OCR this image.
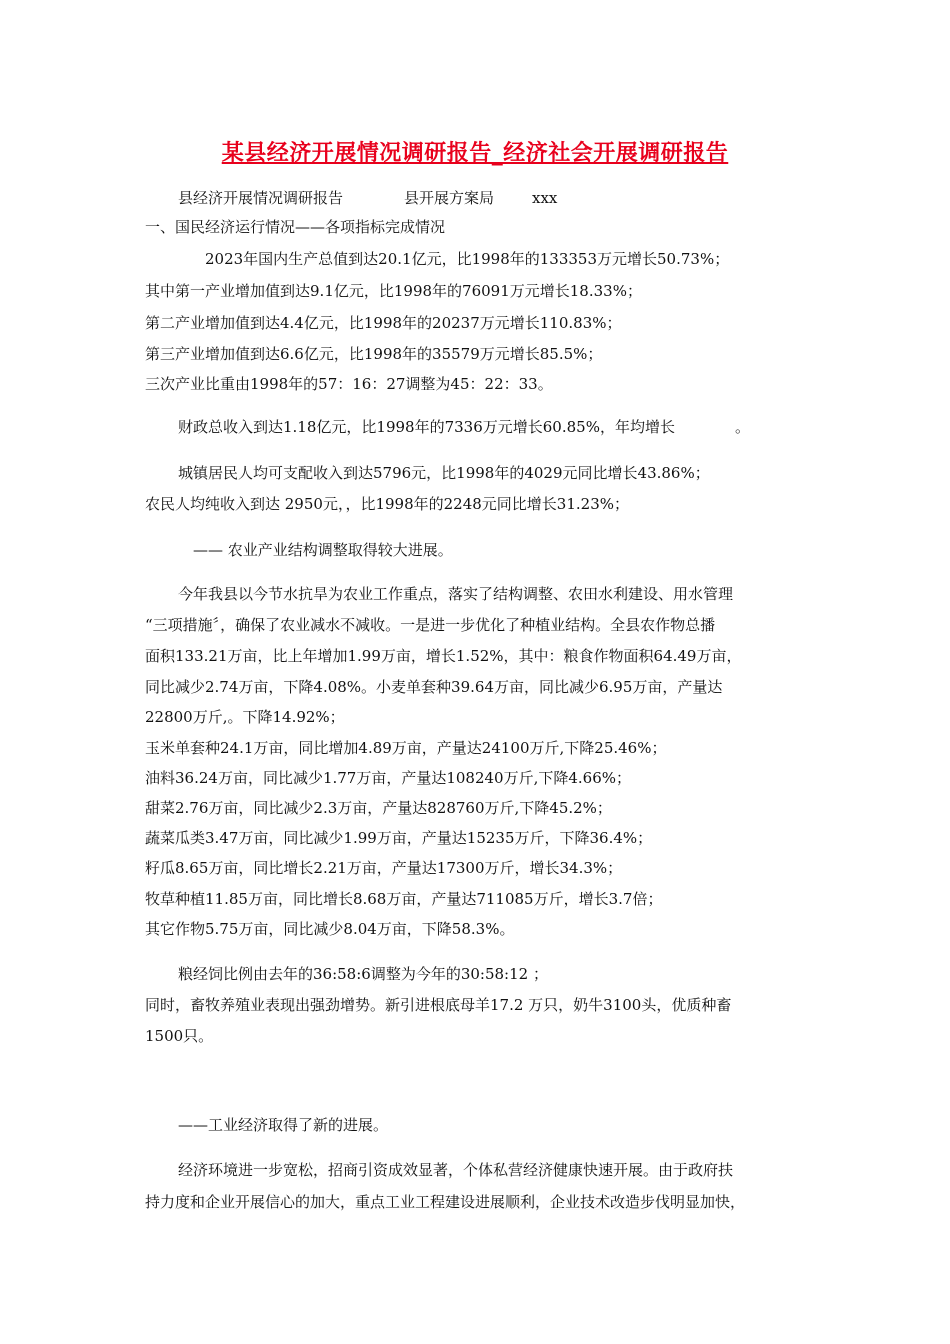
某县经济开展情况调研报告_经济社会开展调研报告
县经济开展情况调研报告	县开展方案局	xxx
一、国民经济运行情况——各项指标完成情况
2023年国内生产总值到达20.1亿元，比1998年的133353万元增长50.73%；
其中第一产业增加值到达9.1亿元，比1998年的76091万元增长18.33%；
第二产业增加值到达4.4亿元，比1998年的20237万元增长110.83%；
第三产业增加值到达6.6亿元，比1998年的35579万元增长85.5%；
三次产业比重由1998年的57：16：27调整为45：22：33。
财政总收入到达1.18亿元，比1998年的7336万元增长60.85%，年均增长　　　　。
城镇居民人均可支配收入到达5796元，比1998年的4029元同比增长43.86%；
农民人均纯收入到达 2950元，，比1998年的2248元同比增长31.23%；
—— 农业产业结构调整取得较大进展。
今年我县以今节水抗旱为农业工作重点，落实了结构调整、农田水利建设、用水管理
“三项措施〞，确保了农业减水不减收。一是进一步优化了种植业结构。全县农作物总播
面积133.21万亩，比上年增加1.99万亩，增长1.52%，其中：粮食作物面积64.49万亩，
同比减少2.74万亩，下降4.08%。小麦单套种39.64万亩，同比减少6.95万亩，产量达
22800万斤,。下降14.92%；
玉米单套种24.1万亩，同比增加4.89万亩，产量达24100万斤,下降25.46%；
油料36.24万亩，同比减少1.77万亩，产量达108240万斤,下降4.66%；
甜菜2.76万亩，同比减少2.3万亩，产量达828760万斤,下降45.2%；
蔬菜瓜类3.47万亩，同比减少1.99万亩，产量达15235万斤，下降36.4%；
籽瓜8.65万亩，同比增长2.21万亩，产量达17300万斤，增长34.3%；
牧草种植11.85万亩，同比增长8.68万亩，产量达711085万斤，增长3.7倍；
其它作物5.75万亩，同比减少8.04万亩，下降58.3%。
粮经饲比例由去年的36:58:6调整为今年的30:58:12 ；
同时，畜牧养殖业表现出强劲增势。新引进根底母羊17.2 万只，奶牛3100头，优质种畜
1500只。
——工业经济取得了新的进展。
经济环境进一步宽松，招商引资成效显著，个体私营经济健康快速开展。由于政府扶
持力度和企业开展信心的加大，重点工业工程建设进展顺利，企业技术改造步伐明显加快，
